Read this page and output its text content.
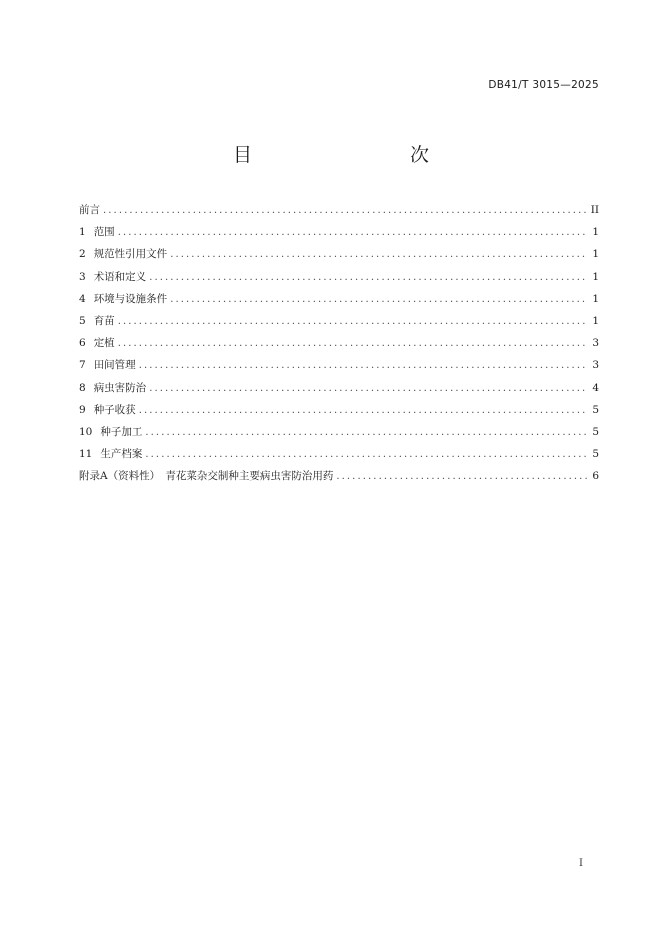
DB41/T 3015—2025
目　　次
前言 .....	II
1 范围 .....	1
2 规范性引用文件 .....	1
3 术语和定义 .....	1
4 环境与设施条件 .....	1
5 育苗 .....	1
6 定植 .....	3
7 田间管理 .....	3
8 病虫害防治 .....	4
9 种子收获 .....	5
10 种子加工 .....	5
11 生产档案 .....	5
附录A（资料性）　青花菜杂交制种主要病虫害防治用药 .....	6
I
